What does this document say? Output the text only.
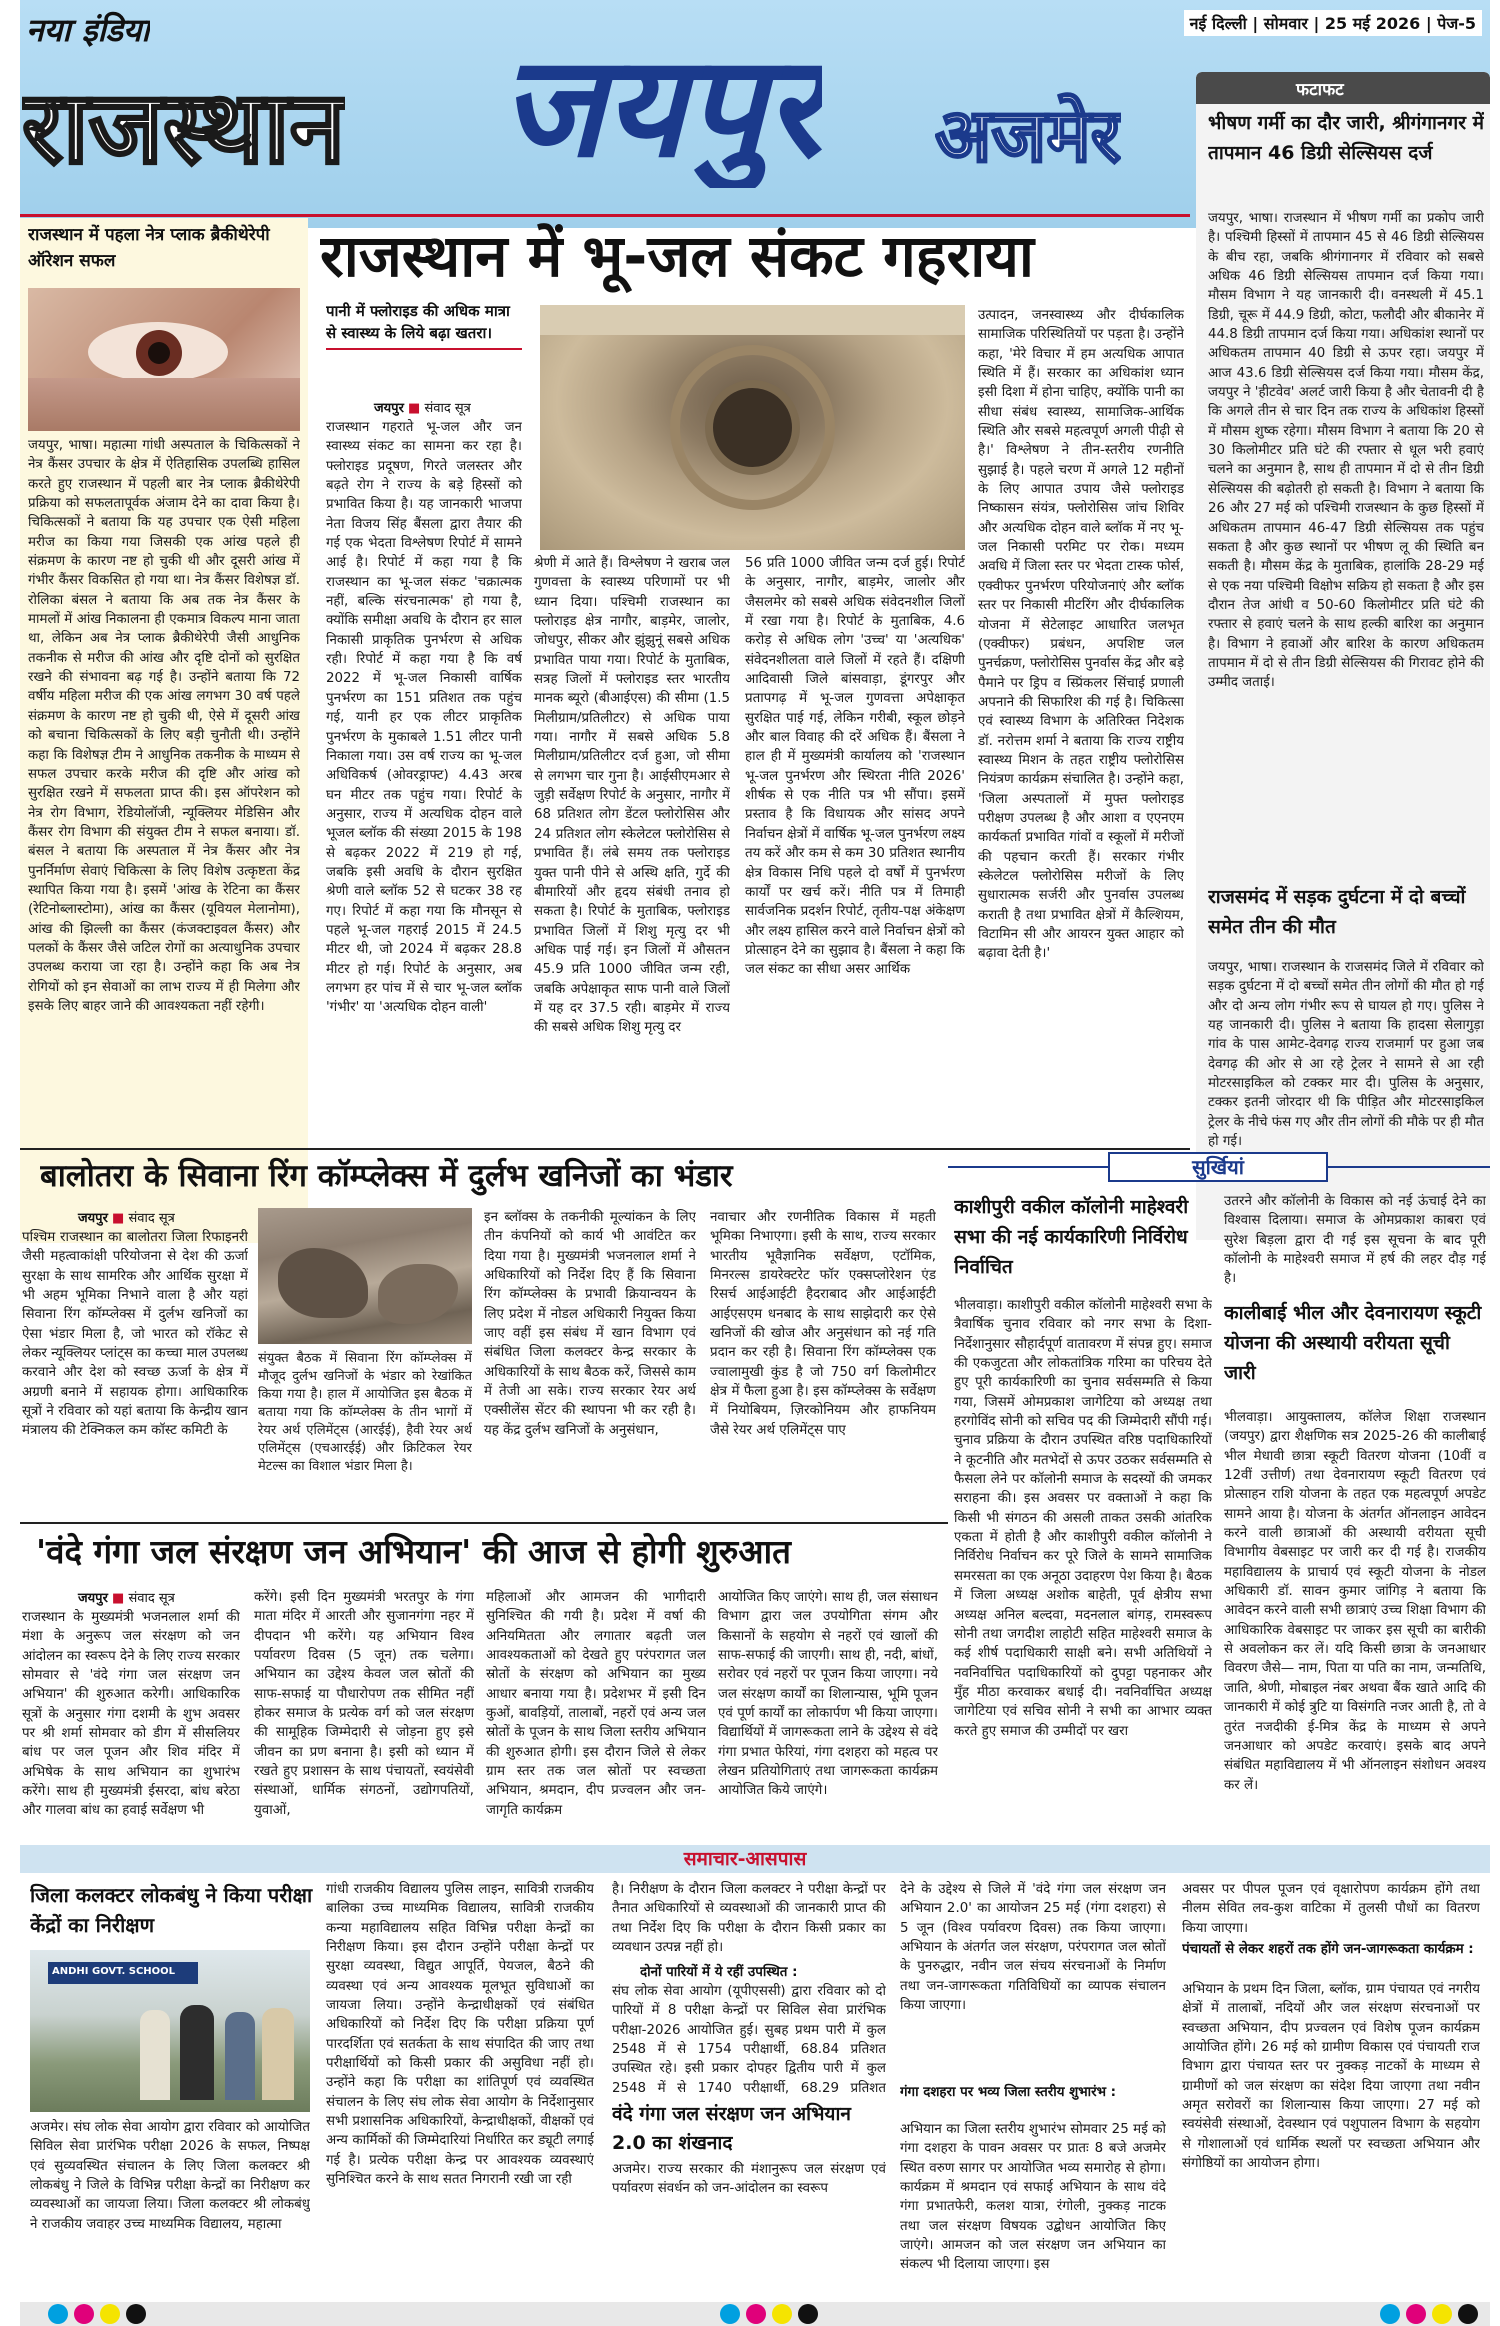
नया इंडिया
राजस्थान जयपुर अजमेर
नई दिल्ली | सोमवार | 25 मई 2026 | पेज-5
फटाफट
भीषण गर्मी का दौर जारी, श्रीगंगानगर में तापमान 46 डिग्री सेल्सियस दर्ज
जयपुर, भाषा। राजस्थान में भीषण गर्मी का प्रकोप जारी है। पश्चिमी हिस्सों में तापमान 45 से 46 डिग्री सेल्सियस के बीच रहा, जबकि श्रीगंगानगर में रविवार को सबसे अधिक 46 डिग्री सेल्सियस तापमान दर्ज किया गया। मौसम विभाग ने यह जानकारी दी। वनस्थली में 45.1 डिग्री, चूरू में 44.9 डिग्री, कोटा, फलौदी और बीकानेर में 44.8 डिग्री तापमान दर्ज किया गया। अधिकांश स्थानों पर अधिकतम तापमान 40 डिग्री से ऊपर रहा। जयपुर में आज 43.6 डिग्री सेल्सियस दर्ज किया गया। मौसम केंद्र, जयपुर ने 'हीटवेव' अलर्ट जारी किया है और चेतावनी दी है कि अगले तीन से चार दिन तक राज्य के अधिकांश हिस्सों में मौसम शुष्क रहेगा। मौसम विभाग ने बताया कि 20 से 30 किलोमीटर प्रति घंटे की रफ्तार से धूल भरी हवाएं चलने का अनुमान है, साथ ही तापमान में दो से तीन डिग्री सेल्सियस की बढ़ोतरी हो सकती है। विभाग ने बताया कि 26 और 27 मई को पश्चिमी राजस्थान के कुछ हिस्सों में अधिकतम तापमान 46-47 डिग्री सेल्सियस तक पहुंच सकता है और कुछ स्थानों पर भीषण लू की स्थिति बन सकती है। मौसम केंद्र के मुताबिक, हालांकि 28-29 मई से एक नया पश्चिमी विक्षोभ सक्रिय हो सकता है और इस दौरान तेज आंधी व 50-60 किलोमीटर प्रति घंटे की रफ्तार से हवाएं चलने के साथ हल्की बारिश का अनुमान है। विभाग ने हवाओं और बारिश के कारण अधिकतम तापमान में दो से तीन डिग्री सेल्सियस की गिरावट होने की उम्मीद जताई।
राजसमंद में सड़क दुर्घटना में दो बच्चों समेत तीन की मौत
जयपुर, भाषा। राजस्थान के राजसमंद जिले में रविवार को सड़क दुर्घटना में दो बच्चों समेत तीन लोगों की मौत हो गई और दो अन्य लोग गंभीर रूप से घायल हो गए। पुलिस ने यह जानकारी दी। पुलिस ने बताया कि हादसा सेलागुड़ा गांव के पास आमेट-देवगढ़ राज्य राजमार्ग पर हुआ जब देवगढ़ की ओर से आ रहे ट्रेलर ने सामने से आ रही मोटरसाइकिल को टक्कर मार दी। पुलिस के अनुसार, टक्कर इतनी जोरदार थी कि पीड़ित और मोटरसाइकिल ट्रेलर के नीचे फंस गए और तीन लोगों की मौके पर ही मौत हो गई।
राजस्थान में पहला नेत्र प्लाक ब्रैकीथेरेपी ऑरेशन सफल
जयपुर, भाषा। महात्मा गांधी अस्पताल के चिकित्सकों ने नेत्र कैंसर उपचार के क्षेत्र में ऐतिहासिक उपलब्धि हासिल करते हुए राजस्थान में पहली बार नेत्र प्लाक ब्रैकीथेरेपी प्रक्रिया को सफलतापूर्वक अंजाम देने का दावा किया है। चिकित्सकों ने बताया कि यह उपचार एक ऐसी महिला मरीज का किया गया जिसकी एक आंख पहले ही संक्रमण के कारण नष्ट हो चुकी थी और दूसरी आंख में गंभीर कैंसर विकसित हो गया था। नेत्र कैंसर विशेषज्ञ डॉ. रोलिका बंसल ने बताया कि अब तक नेत्र कैंसर के मामलों में आंख निकालना ही एकमात्र विकल्प माना जाता था, लेकिन अब नेत्र प्लाक ब्रैकीथेरेपी जैसी आधुनिक तकनीक से मरीज की आंख और दृष्टि दोनों को सुरक्षित रखने की संभावना बढ़ गई है। उन्होंने बताया कि 72 वर्षीय महिला मरीज की एक आंख लगभग 30 वर्ष पहले संक्रमण के कारण नष्ट हो चुकी थी, ऐसे में दूसरी आंख को बचाना चिकित्सकों के लिए बड़ी चुनौती थी। उन्होंने कहा कि विशेषज्ञ टीम ने आधुनिक तकनीक के माध्यम से सफल उपचार करके मरीज की दृष्टि और आंख को सुरक्षित रखने में सफलता प्राप्त की। इस ऑपरेशन को नेत्र रोग विभाग, रेडियोलॉजी, न्यूक्लियर मेडिसिन और कैंसर रोग विभाग की संयुक्त टीम ने सफल बनाया। डॉ. बंसल ने बताया कि अस्पताल में नेत्र कैंसर और नेत्र पुनर्निर्माण सेवाएं चिकित्सा के लिए विशेष उत्कृष्टता केंद्र स्थापित किया गया है। इसमें 'आंख के रेटिना का कैंसर (रेटिनोब्लास्टोमा), आंख का कैंसर (यूवियल मेलानोमा), आंख की झिल्ली का कैंसर (कंजक्टाइवल कैंसर) और पलकों के कैंसर जैसे जटिल रोगों का अत्याधुनिक उपचार उपलब्ध कराया जा रहा है। उन्होंने कहा कि अब नेत्र रोगियों को इन सेवाओं का लाभ राज्य में ही मिलेगा और इसके लिए बाहर जाने की आवश्यकता नहीं रहेगी।
राजस्थान में भू-जल संकट गहराया
पानी में फ्लोराइड की अधिक मात्रा से स्वास्थ्य के लिये बढ़ा खतरा।
जयपुर ■ संवाद सूत्र
राजस्थान गहराते भू-जल और जन स्वास्थ्य संकट का सामना कर रहा है। फ्लोराइड प्रदूषण, गिरते जलस्तर और बढ़ते रोग ने राज्य के बड़े हिस्सों को प्रभावित किया है। यह जानकारी भाजपा नेता विजय सिंह बैंसला द्वारा तैयार की गई एक भेदता विश्लेषण रिपोर्ट में सामने आई है। रिपोर्ट में कहा गया है कि राजस्थान का भू-जल संकट 'चक्रात्मक नहीं, बल्कि संरचनात्मक' हो गया है, क्योंकि समीक्षा अवधि के दौरान हर साल निकासी प्राकृतिक पुनर्भरण से अधिक रही। रिपोर्ट में कहा गया है कि वर्ष 2022 में भू-जल निकासी वार्षिक पुनर्भरण का 151 प्रतिशत तक पहुंच गई, यानी हर एक लीटर प्राकृतिक पुनर्भरण के मुकाबले 1.51 लीटर पानी निकाला गया। उस वर्ष राज्य का भू-जल अधिविकर्ष (ओवरड्राफ्ट) 4.43 अरब घन मीटर तक पहुंच गया। रिपोर्ट के अनुसार, राज्य में अत्यधिक दोहन वाले भूजल ब्लॉक की संख्या 2015 के 198 से बढ़कर 2022 में 219 हो गई, जबकि इसी अवधि के दौरान सुरक्षित श्रेणी वाले ब्लॉक 52 से घटकर 38 रह गए। रिपोर्ट में कहा गया कि मौनसून से पहले भू-जल गहराई 2015 में 24.5 मीटर थी, जो 2024 में बढ़कर 28.8 मीटर हो गई। रिपोर्ट के अनुसार, अब लगभग हर पांच में से चार भू-जल ब्लॉक 'गंभीर' या 'अत्यधिक दोहन वाली'
श्रेणी में आते हैं। विश्लेषण ने खराब जल गुणवत्ता के स्वास्थ्य परिणामों पर भी ध्यान दिया। पश्चिमी राजस्थान का फ्लोराइड क्षेत्र नागौर, बाड़मेर, जालोर, जोधपुर, सीकर और झुंझुनूं सबसे अधिक प्रभावित पाया गया। रिपोर्ट के मुताबिक, सत्रह जिलों में फ्लोराइड स्तर भारतीय मानक ब्यूरो (बीआईएस) की सीमा (1.5 मिलीग्राम/प्रतिलीटर) से अधिक पाया गया। नागौर में सबसे अधिक 5.8 मिलीग्राम/प्रतिलीटर दर्ज हुआ, जो सीमा से लगभग चार गुना है। आईसीएमआर से जुड़ी सर्वेक्षण रिपोर्ट के अनुसार, नागौर में 68 प्रतिशत लोग डेंटल फ्लोरोसिस और 24 प्रतिशत लोग स्केलेटल फ्लोरोसिस से प्रभावित हैं। लंबे समय तक फ्लोराइड युक्त पानी पीने से अस्थि क्षति, गुर्दे की बीमारियों और हृदय संबंधी तनाव हो सकता है। रिपोर्ट के मुताबिक, फ्लोराइड प्रभावित जिलों में शिशु मृत्यु दर भी अधिक पाई गई। इन जिलों में औसतन 45.9 प्रति 1000 जीवित जन्म रही, जबकि अपेक्षाकृत साफ पानी वाले जिलों में यह दर 37.5 रही। बाड़मेर में राज्य की सबसे अधिक शिशु मृत्यु दर
56 प्रति 1000 जीवित जन्म दर्ज हुई। रिपोर्ट के अनुसार, नागौर, बाड़मेर, जालोर और जैसलमेर को सबसे अधिक संवेदनशील जिलों में रखा गया है। रिपोर्ट के मुताबिक, 4.6 करोड़ से अधिक लोग 'उच्च' या 'अत्यधिक' संवेदनशीलता वाले जिलों में रहते हैं। दक्षिणी आदिवासी जिले बांसवाड़ा, डूंगरपुर और प्रतापगढ़ में भू-जल गुणवत्ता अपेक्षाकृत सुरक्षित पाई गई, लेकिन गरीबी, स्कूल छोड़ने और बाल विवाह की दरें अधिक हैं। बैंसला ने हाल ही में मुख्यमंत्री कार्यालय को 'राजस्थान भू-जल पुनर्भरण और स्थिरता नीति 2026' शीर्षक से एक नीति पत्र भी सौंपा। इसमें प्रस्ताव है कि विधायक और सांसद अपने निर्वाचन क्षेत्रों में वार्षिक भू-जल पुनर्भरण लक्ष्य तय करें और कम से कम 30 प्रतिशत स्थानीय क्षेत्र विकास निधि पहले दो वर्षों में पुनर्भरण कार्यों पर खर्च करें। नीति पत्र में तिमाही सार्वजनिक प्रदर्शन रिपोर्ट, तृतीय-पक्ष अंकेक्षण और लक्ष्य हासिल करने वाले निर्वाचन क्षेत्रों को प्रोत्साहन देने का सुझाव है। बैंसला ने कहा कि जल संकट का सीधा असर आर्थिक
उत्पादन, जनस्वास्थ्य और दीर्घकालिक सामाजिक परिस्थितियों पर पड़ता है। उन्होंने कहा, 'मेरे विचार में हम अत्यधिक आपात स्थिति में हैं। सरकार का अधिकांश ध्यान इसी दिशा में होना चाहिए, क्योंकि पानी का सीधा संबंध स्वास्थ्य, सामाजिक-आर्थिक स्थिति और सबसे महत्वपूर्ण अगली पीढ़ी से है।' विश्लेषण ने तीन-स्तरीय रणनीति सुझाई है। पहले चरण में अगले 12 महीनों के लिए आपात उपाय जैसे फ्लोराइड निष्कासन संयंत्र, फ्लोरोसिस जांच शिविर और अत्यधिक दोहन वाले ब्लॉक में नए भू-जल निकासी परमिट पर रोक। मध्यम अवधि में जिला स्तर पर भेदता टास्क फोर्स, एक्वीफर पुनर्भरण परियोजनाएं और ब्लॉक स्तर पर निकासी मीटरिंग और दीर्घकालिक योजना में सेटेलाइट आधारित जलभृत (एक्वीफर) प्रबंधन, अपशिष्ट जल पुनर्चक्रण, फ्लोरोसिस पुनर्वास केंद्र और बड़े पैमाने पर ड्रिप व स्प्रिंकलर सिंचाई प्रणाली अपनाने की सिफारिश की गई है। चिकित्सा एवं स्वास्थ्य विभाग के अतिरिक्त निदेशक डॉ. नरोत्तम शर्मा ने बताया कि राज्य राष्ट्रीय स्वास्थ्य मिशन के तहत राष्ट्रीय फ्लोरोसिस नियंत्रण कार्यक्रम संचालित है। उन्होंने कहा, 'जिला अस्पतालों में मुफ्त फ्लोराइड परीक्षण उपलब्ध है और आशा व एएनएम कार्यकर्ता प्रभावित गांवों व स्कूलों में मरीजों की पहचान करती हैं। सरकार गंभीर स्केलेटल फ्लोरोसिस मरीजों के लिए सुधारात्मक सर्जरी और पुनर्वास उपलब्ध कराती है तथा प्रभावित क्षेत्रों में कैल्शियम, विटामिन सी और आयरन युक्त आहार को बढ़ावा देती है।'
बालोतरा के सिवाना रिंग कॉम्प्लेक्स में दुर्लभ खनिजों का भंडार
जयपुर ■ संवाद सूत्र
पश्चिम राजस्थान का बालोतरा जिला रिफाइनरी जैसी महत्वाकांक्षी परियोजना से देश की ऊर्जा सुरक्षा के साथ सामरिक और आर्थिक सुरक्षा में भी अहम भूमिका निभाने वाला है और यहां सिवाना रिंग कॉम्प्लेक्स में दुर्लभ खनिजों का ऐसा भंडार मिला है, जो भारत को रॉकेट से लेकर न्यूक्लियर प्लांट्स का कच्चा माल उपलब्ध करवाने और देश को स्वच्छ ऊर्जा के क्षेत्र में अग्रणी बनाने में सहायक होगा। आधिकारिक सूत्रों ने रविवार को यहां बताया कि केन्द्रीय खान मंत्रालय की टेक्निकल कम कॉस्ट कमिटी के
संयुक्त बैठक में सिवाना रिंग कॉम्प्लेक्स में मौजूद दुर्लभ खनिजों के भंडार को रेखांकित किया गया है। हाल में आयोजित इस बैठक में बताया गया कि कॉम्प्लेक्स के तीन भागों में रेयर अर्थ एलिमेंट्स (आरईई), हैवी रेयर अर्थ एलिमेंट्स (एचआरईई) और क्रिटिकल रेयर मेटल्स का विशाल भंडार मिला है।
इन ब्लॉक्स के तकनीकी मूल्यांकन के लिए तीन कंपनियों को कार्य भी आवंटित कर दिया गया है। मुख्यमंत्री भजनलाल शर्मा ने अधिकारियों को निर्देश दिए हैं कि सिवाना रिंग कॉम्प्लेक्स के प्रभावी क्रियान्वयन के लिए प्रदेश में नोडल अधिकारी नियुक्त किया जाए वहीं इस संबंध में खान विभाग एवं संबंधित जिला कलक्टर केन्द्र सरकार के अधिकारियों के साथ बैठक करें, जिससे काम में तेजी आ सके। राज्य सरकार रेयर अर्थ एक्सीलेंस सेंटर की स्थापना भी कर रही है। यह केंद्र दुर्लभ खनिजों के अनुसंधान,
नवाचार और रणनीतिक विकास में महती भूमिका निभाएगा। इसी के साथ, राज्य सरकार भारतीय भूवैज्ञानिक सर्वेक्षण, एटॉमिक, मिनरल्स डायरेक्टरेट फॉर एक्सप्लोरेशन एंड रिसर्च आईआईटी हैदराबाद और आईआईटी आईएसएम धनबाद के साथ साझेदारी कर ऐसे खनिजों की खोज और अनुसंधान को नई गति प्रदान कर रही है। सिवाना रिंग कॉम्प्लेक्स एक ज्वालामुखी कुंड है जो 750 वर्ग किलोमीटर क्षेत्र में फैला हुआ है। इस कॉम्प्लेक्स के सर्वेक्षण में नियोबियम, ज़िरकोनियम और हाफनियम जैसे रेयर अर्थ एलिमेंट्स पाए
'वंदे गंगा जल संरक्षण जन अभियान' की आज से होगी शुरुआत
जयपुर ■ संवाद सूत्र
राजस्थान के मुख्यमंत्री भजनलाल शर्मा की मंशा के अनुरूप जल संरक्षण को जन आंदोलन का स्वरूप देने के लिए राज्य सरकार सोमवार से 'वंदे गंगा जल संरक्षण जन अभियान' की शुरुआत करेगी। आधिकारिक सूत्रों के अनुसार गंगा दशमी के शुभ अवसर पर श्री शर्मा सोमवार को डीग में सीसलियर बांध पर जल पूजन और शिव मंदिर में अभिषेक के साथ अभियान का शुभारंभ करेंगे। साथ ही मुख्यमंत्री ईसरदा, बांध बरेठा और गालवा बांध का हवाई सर्वेक्षण भी
करेंगे। इसी दिन मुख्यमंत्री भरतपुर के गंगा माता मंदिर में आरती और सुजानगंगा नहर में दीपदान भी करेंगे। यह अभियान विश्व पर्यावरण दिवस (5 जून) तक चलेगा। अभियान का उद्देश्य केवल जल स्रोतों की साफ-सफाई या पौधारोपण तक सीमित नहीं होकर समाज के प्रत्येक वर्ग को जल संरक्षण की सामूहिक जिम्मेदारी से जोड़ना हुए इसे जीवन का प्रण बनाना है। इसी को ध्यान में रखते हुए प्रशासन के साथ पंचायतों, स्वयंसेवी संस्थाओं, धार्मिक संगठनों, उद्योगपतियों, युवाओं,
महिलाओं और आमजन की भागीदारी सुनिश्चित की गयी है। प्रदेश में वर्षा की अनियमितता और लगातार बढ़ती जल आवश्यकताओं को देखते हुए परंपरागत जल स्रोतों के संरक्षण को अभियान का मुख्य आधार बनाया गया है। प्रदेशभर में इसी दिन कुओं, बावड़ियों, तालाबों, नहरों एवं अन्य जल स्रोतों के पूजन के साथ जिला स्तरीय अभियान की शुरुआत होगी। इस दौरान जिले से लेकर ग्राम स्तर तक जल स्रोतों पर स्वच्छता अभियान, श्रमदान, दीप प्रज्वलन और जन-जागृति कार्यक्रम
आयोजित किए जाएंगे। साथ ही, जल संसाधन विभाग द्वारा जल उपयोगिता संगम और किसानों के सहयोग से नहरों एवं खालों की साफ-सफाई की जाएगी। साथ ही, नदी, बांधों, सरोवर एवं नहरों पर पूजन किया जाएगा। नये जल संरक्षण कार्यों का शिलान्यास, भूमि पूजन एवं पूर्ण कार्यों का लोकार्पण भी किया जाएगा। विद्यार्थियों में जागरूकता लाने के उद्देश्य से वंदे गंगा प्रभात फेरियां, गंगा दशहरा को महत्व पर लेखन प्रतियोगिताएं तथा जागरूकता कार्यक्रम आयोजित किये जाएंगे।
सुर्खियां
काशीपुरी वकील कॉलोनी माहेश्वरी सभा की नई कार्यकारिणी निर्विरोध निर्वाचित
भीलवाड़ा। काशीपुरी वकील कॉलोनी माहेश्वरी सभा के त्रैवार्षिक चुनाव रविवार को नगर सभा के दिशा-निर्देशानुसार सौहार्दपूर्ण वातावरण में संपन्न हुए। समाज की एकजुटता और लोकतांत्रिक गरिमा का परिचय देते हुए पूरी कार्यकारिणी का चुनाव सर्वसम्मति से किया गया, जिसमें ओमप्रकाश जागेटिया को अध्यक्ष तथा हरगोविंद सोनी को सचिव पद की जिम्मेदारी सौंपी गई। चुनाव प्रक्रिया के दौरान उपस्थित वरिष्ठ पदाधिकारियों ने कूटनीति और मतभेदों से ऊपर उठकर सर्वसम्मति से फैसला लेने पर कॉलोनी समाज के सदस्यों की जमकर सराहना की। इस अवसर पर वक्ताओं ने कहा कि किसी भी संगठन की असली ताकत उसकी आंतरिक एकता में होती है और काशीपुरी वकील कॉलोनी ने निर्विरोध निर्वाचन कर पूरे जिले के सामने सामाजिक समरसता का एक अनूठा उदाहरण पेश किया है। बैठक में जिला अध्यक्ष अशोक बाहेती, पूर्व क्षेत्रीय सभा अध्यक्ष अनिल बल्दवा, मदनलाल बांगड़, रामस्वरूप सोनी तथा जगदीश लाहोटी सहित माहेश्वरी समाज के कई शीर्ष पदाधिकारी साक्षी बने। सभी अतिथियों ने नवनिर्वाचित पदाधिकारियों को दुपट्टा पहनाकर और मुँह मीठा करवाकर बधाई दी। नवनिर्वाचित अध्यक्ष जागेटिया एवं सचिव सोनी ने सभी का आभार व्यक्त करते हुए समाज की उम्मीदों पर खरा
उतरने और कॉलोनी के विकास को नई ऊंचाई देने का विश्वास दिलाया। समाज के ओमप्रकाश काबरा एवं सुरेश बिड़ला द्वारा दी गई इस सूचना के बाद पूरी कॉलोनी के माहेश्वरी समाज में हर्ष की लहर दौड़ गई है।
कालीबाई भील और देवनारायण स्कूटी योजना की अस्थायी वरीयता सूची जारी
भीलवाड़ा। आयुक्तालय, कॉलेज शिक्षा राजस्थान (जयपुर) द्वारा शैक्षणिक सत्र 2025-26 की कालीबाई भील मेधावी छात्रा स्कूटी वितरण योजना (10वीं व 12वीं उत्तीर्ण) तथा देवनारायण स्कूटी वितरण एवं प्रोत्साहन राशि योजना के तहत एक महत्वपूर्ण अपडेट सामने आया है। योजना के अंतर्गत ऑनलाइन आवेदन करने वाली छात्राओं की अस्थायी वरीयता सूची विभागीय वेबसाइट पर जारी कर दी गई है। राजकीय महाविद्यालय के प्राचार्य एवं स्कूटी योजना के नोडल अधिकारी डॉ. सावन कुमार जांगिड़ ने बताया कि आवेदन करने वाली सभी छात्राएं उच्च शिक्षा विभाग की आधिकारिक वेबसाइट पर जाकर इस सूची का बारीकी से अवलोकन कर लें। यदि किसी छात्रा के जनआधार विवरण जैसे— नाम, पिता या पति का नाम, जन्मतिथि, जाति, श्रेणी, मोबाइल नंबर अथवा बैंक खाते आदि की जानकारी में कोई त्रुटि या विसंगति नजर आती है, तो वे तुरंत नजदीकी ई-मित्र केंद्र के माध्यम से अपने जनआधार को अपडेट करवाएं। इसके बाद अपने संबंधित महाविद्यालय में भी ऑनलाइन संशोधन अवश्य कर लें।
समाचार-आसपास
जिला कलक्टर लोकबंधु ने किया परीक्षा केंद्रों का निरीक्षण
ANDHI GOVT. SCHOOL
अजमेर। संघ लोक सेवा आयोग द्वारा रविवार को आयोजित सिविल सेवा प्रारंभिक परीक्षा 2026 के सफल, निष्पक्ष एवं सुव्यवस्थित संचालन के लिए जिला कलक्टर श्री लोकबंधु ने जिले के विभिन्न परीक्षा केन्द्रों का निरीक्षण कर व्यवस्थाओं का जायजा लिया। जिला कलक्टर श्री लोकबंधु ने राजकीय जवाहर उच्च माध्यमिक विद्यालय, महात्मा
गांधी राजकीय विद्यालय पुलिस लाइन, सावित्री राजकीय बालिका उच्च माध्यमिक विद्यालय, सावित्री राजकीय कन्या महाविद्यालय सहित विभिन्न परीक्षा केन्द्रों का निरीक्षण किया। इस दौरान उन्होंने परीक्षा केन्द्रों पर सुरक्षा व्यवस्था, विद्युत आपूर्ति, पेयजल, बैठने की व्यवस्था एवं अन्य आवश्यक मूलभूत सुविधाओं का जायजा लिया। उन्होंने केन्द्राधीक्षकों एवं संबंधित अधिकारियों को निर्देश दिए कि परीक्षा प्रक्रिया पूर्ण पारदर्शिता एवं सतर्कता के साथ संपादित की जाए तथा परीक्षार्थियों को किसी प्रकार की असुविधा नहीं हो। उन्होंने कहा कि परीक्षा का शांतिपूर्ण एवं व्यवस्थित संचालन के लिए संघ लोक सेवा आयोग के निर्देशानुसार सभी प्रशासनिक अधिकारियों, केन्द्राधीक्षकों, वीक्षकों एवं अन्य कार्मिकों की जिम्मेदारियां निर्धारित कर ड्यूटी लगाई गई है। प्रत्येक परीक्षा केन्द्र पर आवश्यक व्यवस्थाएं सुनिश्चित करने के साथ सतत निगरानी रखी जा रही
है। निरीक्षण के दौरान जिला कलक्टर ने परीक्षा केन्द्रों पर तैनात अधिकारियों से व्यवस्थाओं की जानकारी प्राप्त की तथा निर्देश दिए कि परीक्षा के दौरान किसी प्रकार का व्यवधान उत्पन्न नहीं हो।
दोनों पारियों में ये रहीं उपस्थित :
संघ लोक सेवा आयोग (यूपीएससी) द्वारा रविवार को दो पारियों में 8 परीक्षा केन्द्रों पर सिविल सेवा प्रारंभिक परीक्षा-2026 आयोजित हुई। सुबह प्रथम पारी में कुल 2548 में से 1754 परीक्षार्थी, 68.84 प्रतिशत उपस्थित रहे। इसी प्रकार दोपहर द्वितीय पारी में कुल 2548 में से 1740 परीक्षार्थी, 68.29 प्रतिशत
वंदे गंगा जल संरक्षण जन अभियान 2.0 का शंखनाद
अजमेर। राज्य सरकार की मंशानुरूप जल संरक्षण एवं पर्यावरण संवर्धन को जन-आंदोलन का स्वरूप
देने के उद्देश्य से जिले में 'वंदे गंगा जल संरक्षण जन अभियान 2.0' का आयोजन 25 मई (गंगा दशहरा) से 5 जून (विश्व पर्यावरण दिवस) तक किया जाएगा। अभियान के अंतर्गत जल संरक्षण, परंपरागत जल स्रोतों के पुनरुद्धार, नवीन जल संचय संरचनाओं के निर्माण तथा जन-जागरूकता गतिविधियों का व्यापक संचालन किया जाएगा।
गंगा दशहरा पर भव्य जिला स्तरीय शुभारंभ :
अभियान का जिला स्तरीय शुभारंभ सोमवार 25 मई को गंगा दशहरा के पावन अवसर पर प्रातः 8 बजे अजमेर स्थित वरुण सागर पर आयोजित भव्य समारोह से होगा। कार्यक्रम में श्रमदान एवं सफाई अभियान के साथ वंदे गंगा प्रभातफेरी, कलश यात्रा, रंगोली, नुक्कड़ नाटक तथा जल संरक्षण विषयक उद्बोधन आयोजित किए जाएंगे। आमजन को जल संरक्षण जन अभियान का संकल्प भी दिलाया जाएगा। इस
अवसर पर पीपल पूजन एवं वृक्षारोपण कार्यक्रम होंगे तथा नीलम सेवित लव-कुश वाटिका में तुलसी पौधों का वितरण किया जाएगा।
पंचायतों से लेकर शहरों तक होंगे जन-जागरूकता कार्यक्रम :
अभियान के प्रथम दिन जिला, ब्लॉक, ग्राम पंचायत एवं नगरीय क्षेत्रों में तालाबों, नदियों और जल संरक्षण संरचनाओं पर स्वच्छता अभियान, दीप प्रज्वलन एवं विशेष पूजन कार्यक्रम आयोजित होंगे। 26 मई को ग्रामीण विकास एवं पंचायती राज विभाग द्वारा पंचायत स्तर पर नुक्कड़ नाटकों के माध्यम से ग्रामीणों को जल संरक्षण का संदेश दिया जाएगा तथा नवीन अमृत सरोवरों का शिलान्यास किया जाएगा। 27 मई को स्वयंसेवी संस्थाओं, देवस्थान एवं पशुपालन विभाग के सहयोग से गोशालाओं एवं धार्मिक स्थलों पर स्वच्छता अभियान और संगोष्ठियों का आयोजन होगा।
